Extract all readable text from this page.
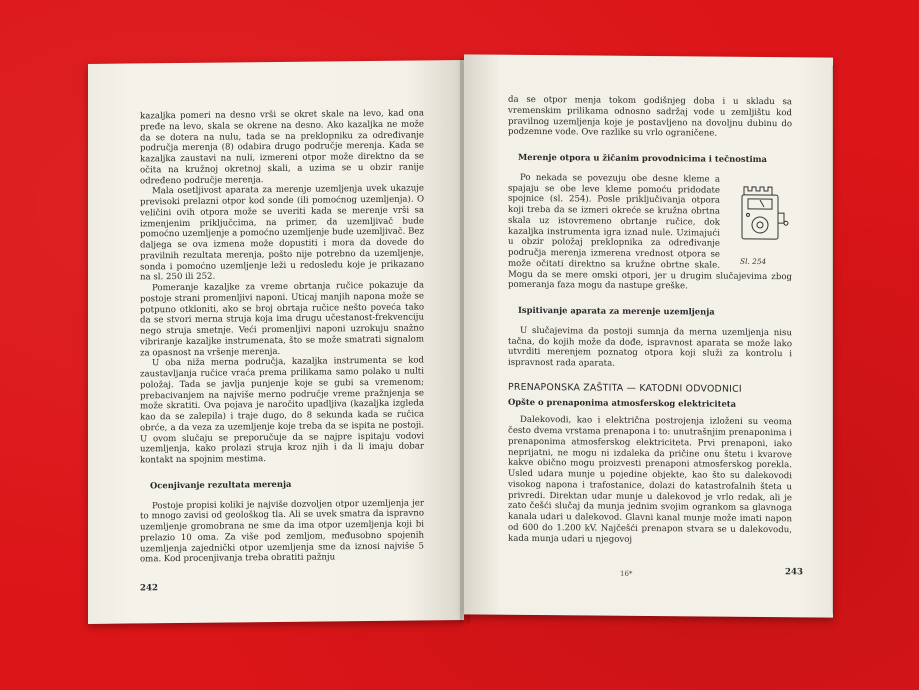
kazaljka pomeri na desno vrši se okret skale na levo, kad ona pređe na levo, skala se okrene na desno. Ako kazaljka ne može da se dotera na nulu, tada se na preklopniku za određivanje područja merenja (8) odabira drugo područje merenja. Kada se kazaljka zaustavi na nuli, izmereni otpor može direktno da se očita na kružnoj okretnoj skali, a uzima se u obzir ranije određeno područje merenja.

Mala osetljivost aparata za merenje uzemljenja uvek ukazuje previsoki prelazni otpor kod sonde (ili pomoćnog uzemljenja). O veličini ovih otpora može se uveriti kada se merenje vrši sa izmenjenim priključcima, na primer, da uzemljivač bude pomoćno uzemljenje a pomoćno uzemljenje bude uzemljivač. Bez daljega se ova izmena može dopustiti i mora da dovede do pravilnih rezultata merenja, pošto nije potrebno da uzemljenje, sonda i pomoćno uzemljenje leži u redosledu koje je prikazano na sl. 250 ili 252.

Pomeranje kazaljke za vreme obrtanja ručice pokazuje da postoje strani promenljivi naponi. Uticaj manjih napona može se potpuno otkloniti, ako se broj obrtaja ručice nešto poveća tako da se stvori merna struja koja ima drugu učestanost-frekvenciju nego struja smetnje. Veći promenljivi naponi uzrokuju snažno vibriranje kazaljke instrumenata, što se može smatrati signalom za opasnost na vršenje merenja.

U oba niža merna područja, kazaljka instrumenta se kod zaustavljanja ručice vraća prema prilikama samo polako u nulti položaj. Tada se javlja punjenje koje se gubi sa vremenom; prebacivanjem na najviše merno područje vreme pražnjenja se može skratiti. Ova pojava je naročito upadljiva (kazaljka izgleda kao da se zalepila) i traje dugo, do 8 sekunda kada se ručica obrće, a da veza za uzemljenje koje treba da se ispita ne postoji. U ovom slučaju se preporučuje da se najpre ispitaju vodovi uzemljenja, kako prolazi struja kroz njih i da li imaju dobar kontakt na spojnim mestima.

Ocenjivanje rezultata merenja

Postoje propisi koliki je najviše dozvoljen otpor uzemljenja jer to mnogo zavisi od geološkog tla. Ali se uvek smatra da ispravno uzemljenje gromobrana ne sme da ima otpor uzemljenja koji bi prelazio 10 oma. Za više pod zemljom, međusobno spojenih uzemljenja zajednički otpor uzemljenja sme da iznosi najviše 5 oma. Kod procenjivanja treba obratiti pažnju

242

da se otpor menja tokom godišnjeg doba i u skladu sa vremenskim prilikama odnosno sadržaj vode u zemljištu kod pravilnog uzemljenja koje je postavljeno na dovoljnu dubinu do podzemne vode. Ove razlike su vrlo ograničene.

Merenje otpora u žičanim provodnicima i tečnostima
Sl. 254

Po nekada se povezuju obe desne kleme a spajaju se obe leve kleme pomoću pridodate spojnice (sl. 254). Posle priključivanja otpora koji treba da se izmeri okreće se kružna obrtna skala uz istovremeno obrtanje ručice, dok kazaljka instrumenta igra iznad nule. Uzimajući u obzir položaj preklopnika za određivanje područja merenja izmerena vrednost otpora se može očitati direktno sa kružne obrtne skale. Mogu da se mere omski otpori, jer u drugim slučajevima zbog pomeranja faza mogu da nastupe greške.

Ispitivanje aparata za merenje uzemljenja

U slučajevima da postoji sumnja da merna uzemljenja nisu tačna, do kojih može da dođe, ispravnost aparata se može lako utvrditi merenjem poznatog otpora koji služi za kontrolu i ispravnost rada aparata.

PRENAPONSKA ZAŠTITA — KATODNI ODVODNICI
Opšte o prenaponima atmosferskog elektriciteta

Dalekovodi, kao i električna postrojenja izloženi su veoma često dvema vrstama prenapona i to: unutrašnjim prenaponima i prenaponima atmosferskog elektriciteta. Prvi prenaponi, iako neprijatni, ne mogu ni izdaleka da pričine onu štetu i kvarove kakve obično mogu proizvesti prenaponi atmosferskog porekla. Usled udara munje u pojedine objekte, kao što su dalekovodi visokog napona i trafostanice, dolazi do katastrofalnih šteta u privredi. Direktan udar munje u dalekovod je vrlo redak, ali je zato češći slučaj da munja jednim svojim ogrankom sa glavnoga kanala udari u dalekovod. Glavni kanal munje može imati napon od 600 do 1.200 kV. Najčešći prenapon stvara se u dalekovodu, kada munja udari u njegovoj

16*	243
